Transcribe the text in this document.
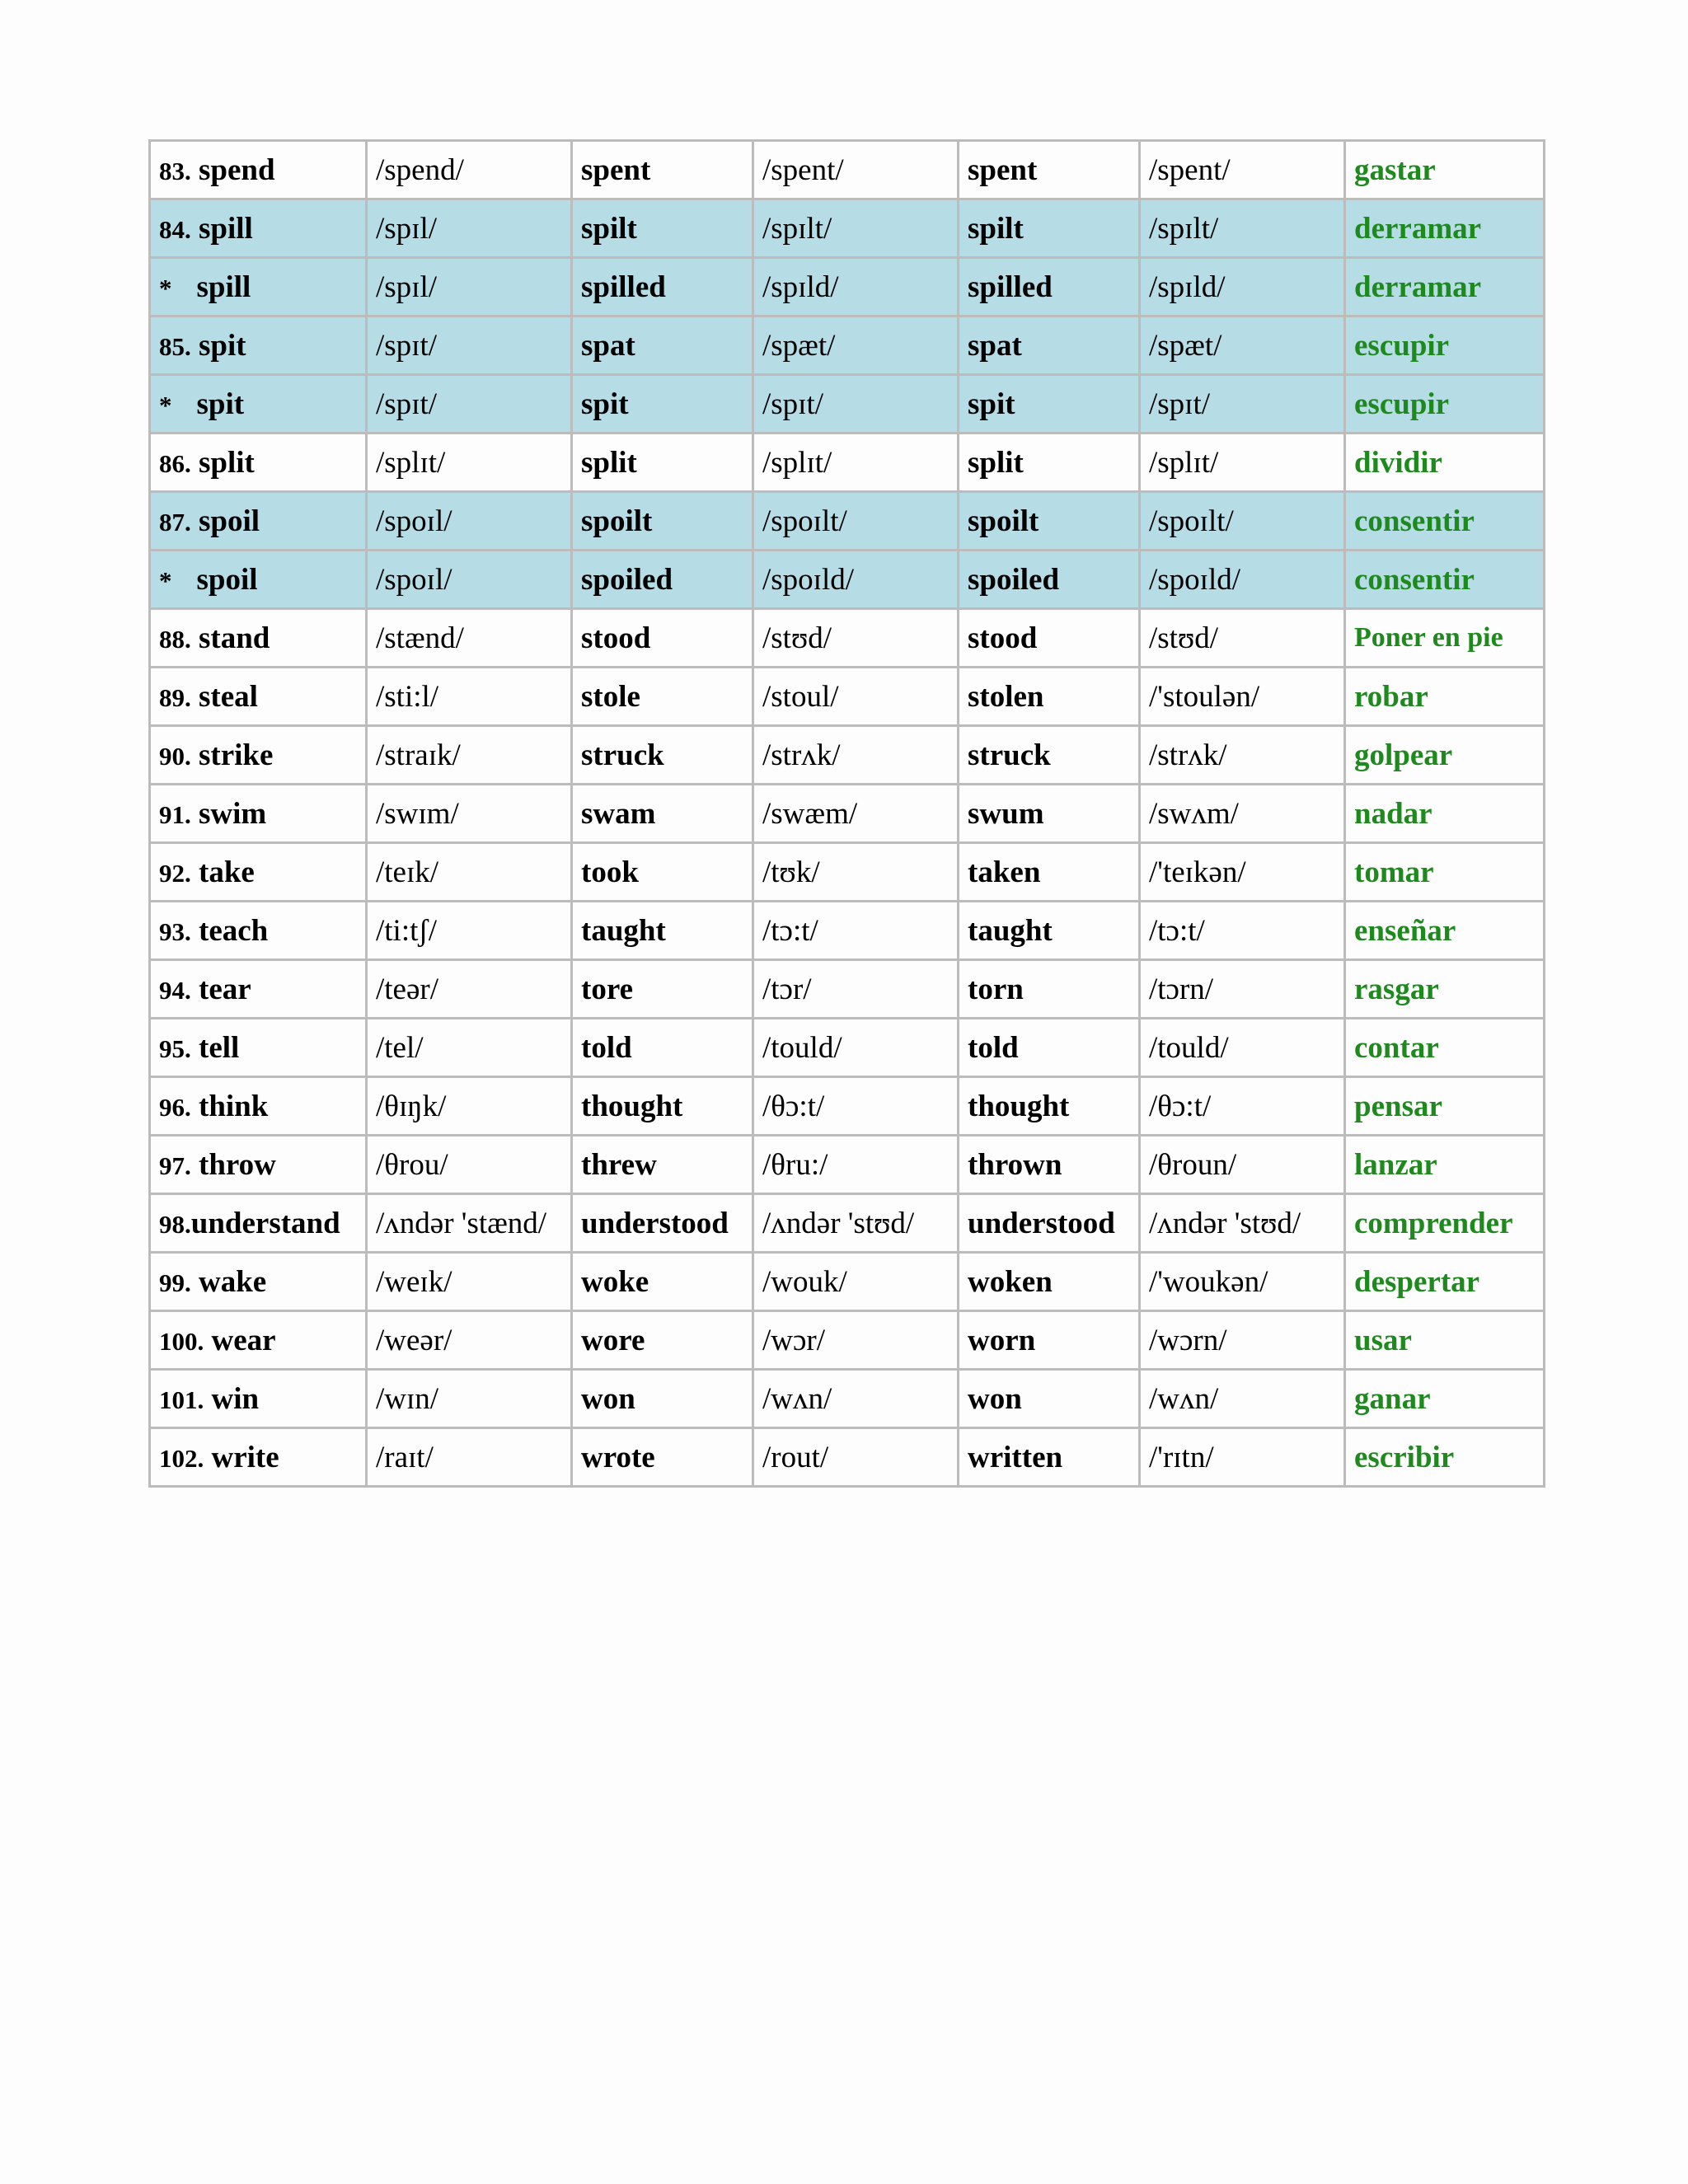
83. spend	/spend/	spent	/spent/	spent	/spent/	gastar
84. spill	/spɪl/	spilt	/spɪlt/	spilt	/spɪlt/	derramar
* spill	/spɪl/	spilled	/spɪld/	spilled	/spɪld/	derramar
85. spit	/spɪt/	spat	/spæt/	spat	/spæt/	escupir
* spit	/spɪt/	spit	/spɪt/	spit	/spɪt/	escupir
86. split	/splɪt/	split	/splɪt/	split	/splɪt/	dividir
87. spoil	/spoɪl/	spoilt	/spoɪlt/	spoilt	/spoɪlt/	consentir
* spoil	/spoɪl/	spoiled	/spoɪld/	spoiled	/spoɪld/	consentir
88. stand	/stænd/	stood	/stʊd/	stood	/stʊd/	Poner en pie
89. steal	/sti:l/	stole	/stoul/	stolen	/'stoulən/	robar
90. strike	/straɪk/	struck	/strʌk/	struck	/strʌk/	golpear
91. swim	/swɪm/	swam	/swæm/	swum	/swʌm/	nadar
92. take	/teɪk/	took	/tʊk/	taken	/'teɪkən/	tomar
93. teach	/ti:tʃ/	taught	/tɔ:t/	taught	/tɔ:t/	enseñar
94. tear	/teər/	tore	/tɔr/	torn	/tɔrn/	rasgar
95. tell	/tel/	told	/tould/	told	/tould/	contar
96. think	/θɪŋk/	thought	/θɔ:t/	thought	/θɔ:t/	pensar
97. throw	/θrou/	threw	/θru:/	thrown	/θroun/	lanzar
98.understand	/ʌndər 'stænd/	understood	/ʌndər 'stʊd/	understood	/ʌndər 'stʊd/	comprender
99. wake	/weɪk/	woke	/wouk/	woken	/'woukən/	despertar
100. wear	/weər/	wore	/wɔr/	worn	/wɔrn/	usar
101. win	/wɪn/	won	/wʌn/	won	/wʌn/	ganar
102. write	/raɪt/	wrote	/rout/	written	/'rɪtn/	escribir
